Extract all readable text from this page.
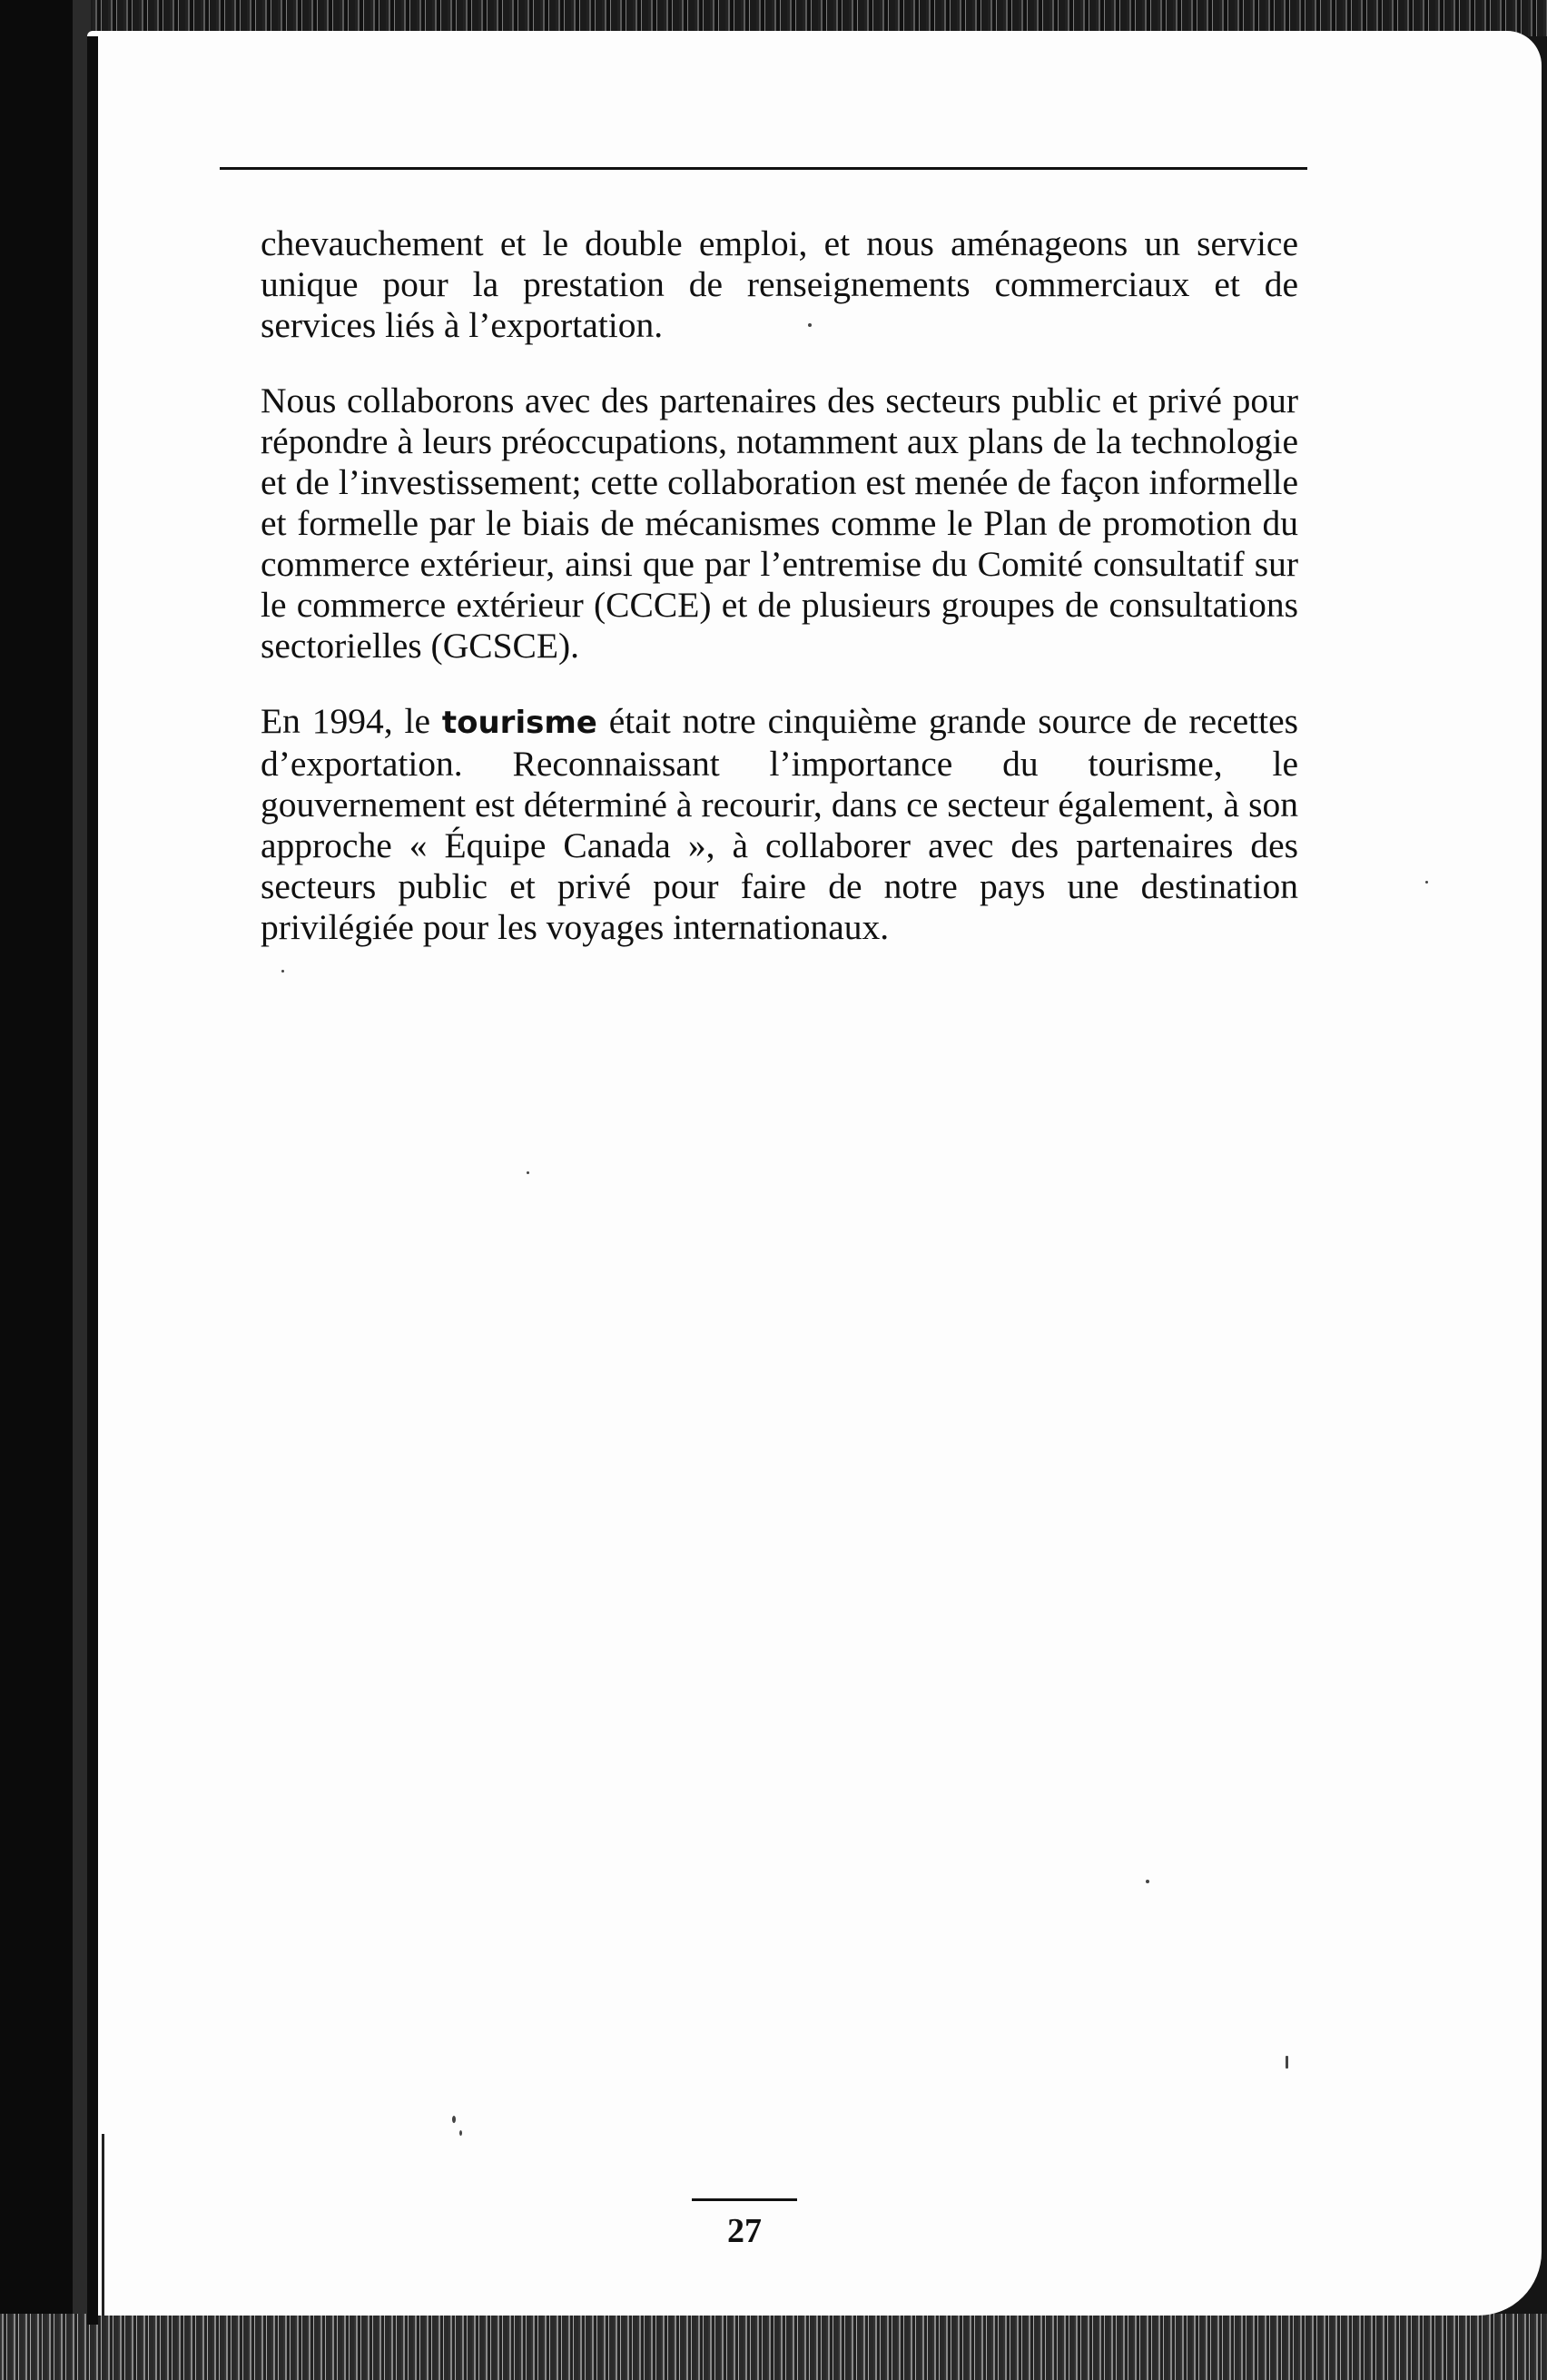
chevauchement et le double emploi, et nous aménageons un service unique pour la prestation de renseignements commerciaux et de services liés à l’exportation.

Nous collaborons avec des partenaires des secteurs public et privé pour répondre à leurs préoccupations, notamment aux plans de la technologie et de l’investissement; cette collaboration est menée de façon informelle et formelle par le biais de mécanismes comme le Plan de promotion du commerce extérieur, ainsi que par l’entremise du Comité consultatif sur le commerce extérieur (CCCE) et de plusieurs groupes de consultations sectorielles (GCSCE).

En 1994, le tourisme était notre cinquième grande source de recettes d’exportation. Reconnaissant l’importance du tourisme, le gouvernement est déterminé à recourir, dans ce secteur également, à son approche « Équipe Canada », à collaborer avec des partenaires des secteurs public et privé pour faire de notre pays une destination privilégiée pour les voyages internationaux.

27
